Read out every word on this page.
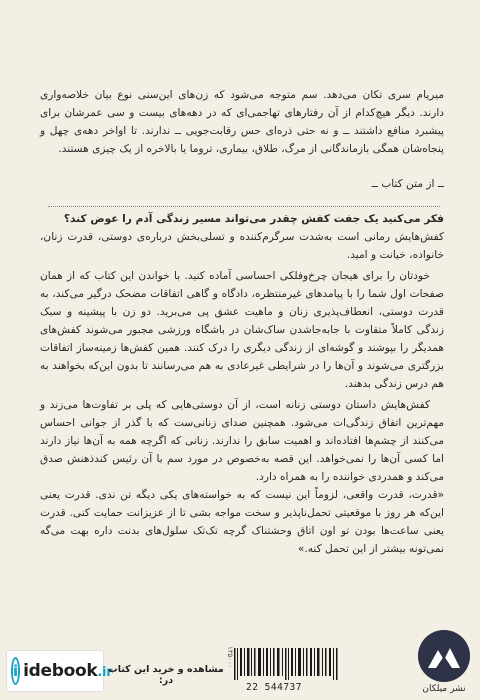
میریام سری تکان می‌دهد. سم متوجه می‌شود که زن‌های این‌سنی نوع بیان خلاصه‌واری دارند. دیگر هیچ‌کدام از آن رفتارهای تهاجمی‌ای که در دهه‌های بیست و سی عمرشان برای پیشبرد منافع داشتند ــ و نه حتی ذره‌ای حس رقابت‌جویی ــ ندارند. تا اواخر دهه‌ی چهل و پنجاه‌شان همگی بازماندگانی از مرگ، طلاق، بیماری، تروما یا بالاخره از یک چیزی هستند.

ــ از متن کتاب ــ

فکر می‌کنید یک جفت کفش چقدر می‌تواند مسیر زندگی آدم را عوض کند؟

کفش‌هایش رمانی است به‌شدت سرگرم‌کننده و تسلی‌بخش درباره‌ی دوستی، قدرت زنان، خانواده، خیانت و امید.

خودتان را برای هیجان چرخ‌وفلکی احساسی آماده کنید. با خواندن این کتاب که از همان صفحات اول شما را با پیامدهای غیرمنتظره، دادگاه و گاهی اتفاقات مضحک درگیر می‌کند، به قدرت دوستی، انعطاف‌پذیری زنان و ماهیت عشق پی می‌برید. دو زن با پیشینه و سبک زندگی کاملاً متفاوت با جابه‌جاشدن ساک‌شان در باشگاه ورزشی مجبور می‌شوند کفش‌های همدیگر را بپوشند و گوشه‌ای از زندگی دیگری را درک کنند. همین کفش‌ها زمینه‌ساز اتفاقات بزرگتری می‌شوند و آن‌ها را در شرایطی غیرعادی به هم می‌رسانند تا بدون این‌که بخواهند به هم درس زندگی بدهند.

کفش‌هایش داستان دوستی زنانه است، از آن دوستی‌هایی که پلی بر تفاوت‌ها می‌زند و مهم‌ترین اتفاق زندگی‌ات می‌شود. همچنین صدای زنانی‌ست که با گذر از جوانی احساس می‌کنند از چشم‌ها افتاده‌اند و اهمیت سابق را ندارند. زنانی که اگرچه همه به آن‌ها نیاز دارند اما کسی آن‌ها را نمی‌خواهد. این قصه به‌خصوص در مورد سم با آن رئیس کندذهنش صدق می‌کند و همدردی خواننده را به همراه دارد.

«قدرت، قدرت واقعی، لزوماً این نیست که به خواسته‌های یکی دیگه تن ندی. قدرت یعنی این‌که هر روز با موقعیتی تحمل‌ناپذیر و سخت مواجه بشی تا از عزیزانت حمایت کنی. قدرت یعنی ساعت‌ها بودن تو اون اتاق وحشتناک گرچه تک‌تک سلول‌های بدنت داره بهت می‌گه نمی‌تونه بیشتر از این تحمل کنه.»

i idebook.ir
مشاهده و خرید این کتاب در:
۱۳۵۰۰۰
22 544737	نشر میلکان
